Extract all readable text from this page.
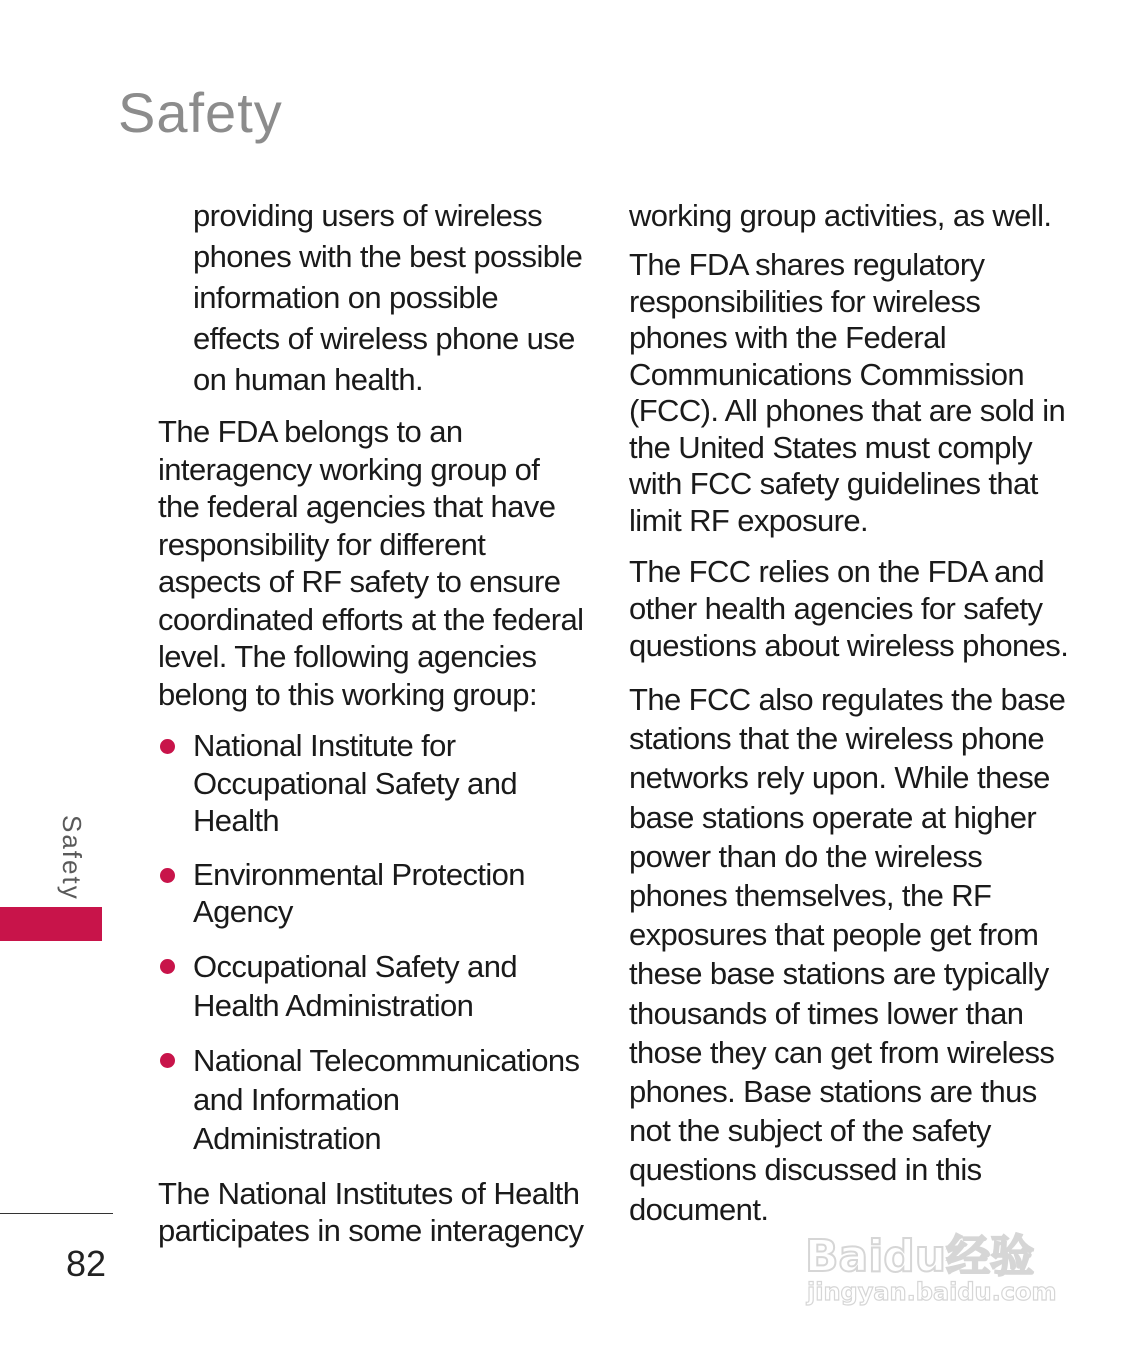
Safety
providing users of wireless phones with the best possible information on possible effects of wireless phone use on human health.

The FDA belongs to an interagency working group of the federal agencies that have responsibility for different aspects of RF safety to ensure coordinated efforts at the federal level. The following agencies belong to this working group:

National Institute for Occupational Safety and Health
Environmental Protection Agency
Occupational Safety and Health Administration
National Telecommunications and Information Administration

The National Institutes of Health participates in some interagency

working group activities, as well.

The FDA shares regulatory responsibilities for wireless phones with the Federal Communications Commission (FCC). All phones that are sold in the United States must comply with FCC safety guidelines that limit RF exposure.

The FCC relies on the FDA and other health agencies for safety questions about wireless phones.

The FCC also regulates the base stations that the wireless phone networks rely upon. While these base stations operate at higher power than do the wireless phones themselves, the RF exposures that people get from these base stations are typically thousands of times lower than those they can get from wireless phones. Base stations are thus not the subject of the safety questions discussed in this document.

Safety
82	Baidu经验
jingyan.baidu.com
